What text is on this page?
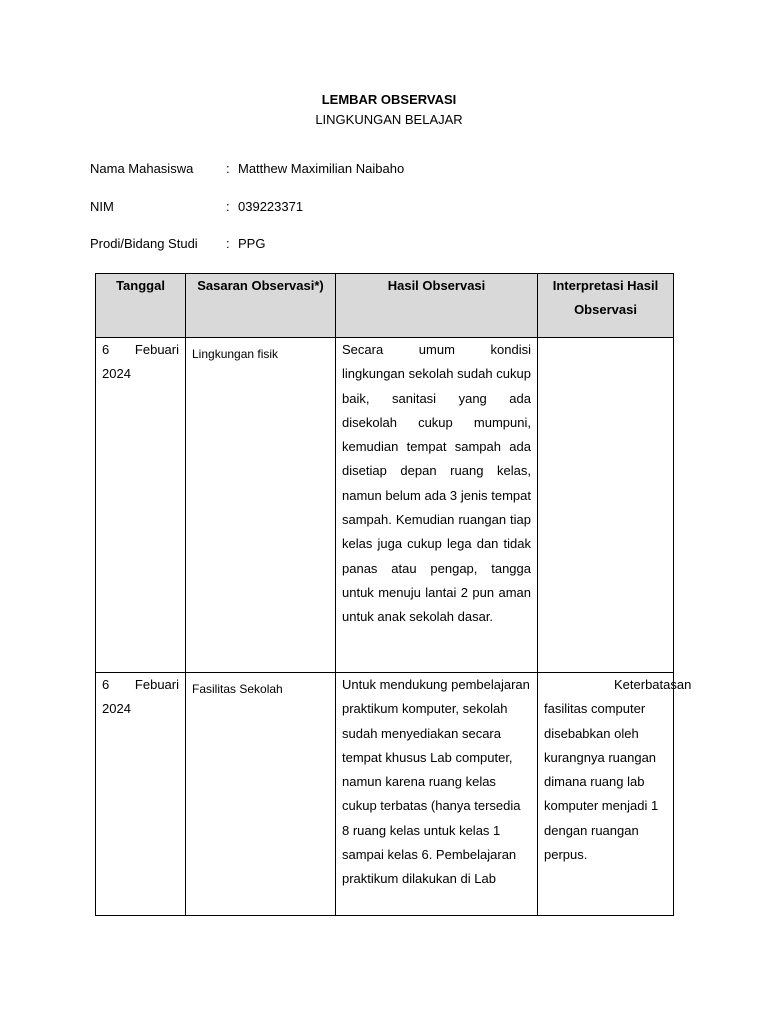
LEMBAR OBSERVASI
LINGKUNGAN BELAJAR
Nama Mahasiswa	: Matthew Maximilian Naibaho
NIM	: 039223371
Prodi/Bidang Studi : PPG
Tanggal	Sasaran Observasi*)	Hasil Observasi	Interpretasi Hasil Observasi
6 Febuari 2024	Lingkungan fisik	Secara umum kondisi lingkungan sekolah sudah cukup baik, sanitasi yang ada disekolah cukup mumpuni, kemudian tempat sampah ada disetiap depan ruang kelas, namun belum ada 3 jenis tempat sampah. Kemudian ruangan tiap kelas juga cukup lega dan tidak panas atau pengap, tangga untuk menuju lantai 2 pun aman untuk anak sekolah dasar.	
6 Febuari 2024	Fasilitas Sekolah	Untuk mendukung pembelajaran praktikum komputer, sekolah sudah menyediakan secara tempat khusus Lab computer, namun karena ruang kelas cukup terbatas (hanya tersedia 8 ruang kelas untuk kelas 1 sampai kelas 6. Pembelajaran praktikum dilakukan di Lab	Keterbatasan fasilitas computer disebabkan oleh kurangnya ruangan dimana ruang lab komputer menjadi 1 dengan ruangan perpus.
